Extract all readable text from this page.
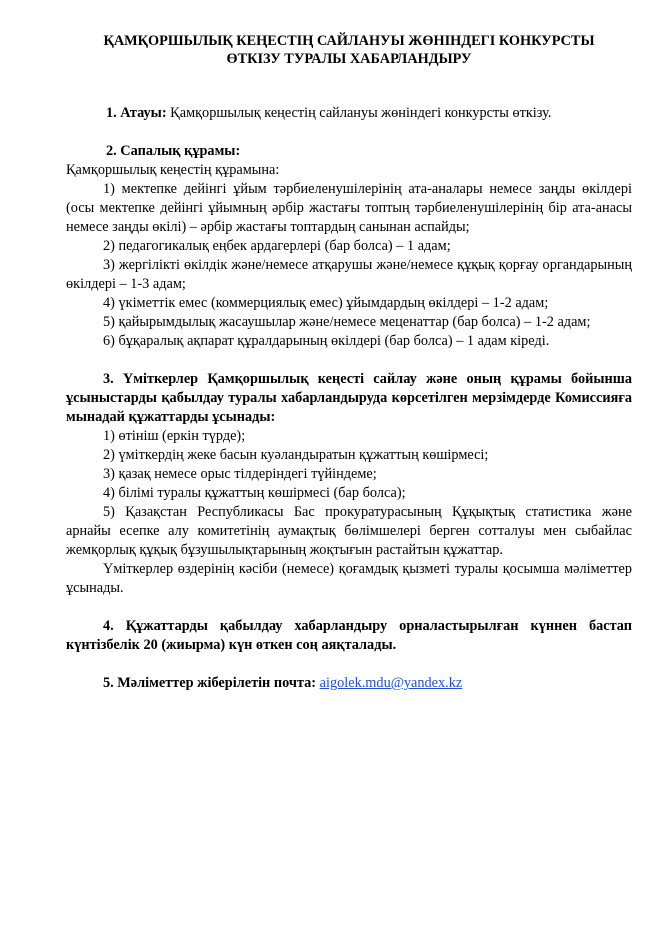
ҚАМҚОРШЫЛЫҚ КЕҢЕСТІҢ САЙЛАНУЫ ЖӨНІНДЕГІ КОНКУРСТЫ
ӨТКІЗУ ТУРАЛЫ ХАБАРЛАНДЫРУ

1. Атауы: Қамқоршылық кеңестің сайлануы жөніндегі конкурсты өткізу.

2. Сапалық құрамы:

Қамқоршылық кеңестің құрамына:

1) мектепке дейінгі ұйым тәрбиеленушілерінің ата-аналары немесе заңды өкілдері (осы мектепке дейінгі ұйымның әрбір жастағы топтың тәрбиеленушілерінің бір ата-анасы немесе заңды өкілі) – әрбір жастағы топтардың санынан аспайды;

2) педагогикалық еңбек ардагерлері (бар болса) – 1 адам;

3) жергілікті өкілдік және/немесе атқарушы және/немесе құқық қорғау органдарының өкілдері – 1-3 адам;

4) үкіметтік емес (коммерциялық емес) ұйымдардың өкілдері – 1-2 адам;

5) қайырымдылық жасаушылар және/немесе меценаттар (бар болса) – 1-2 адам;

6) бұқаралық ақпарат құралдарының өкілдері (бар болса) – 1 адам кіреді.

3. Үміткерлер Қамқоршылық кеңесті сайлау және оның құрамы бойынша ұсыныстарды қабылдау туралы хабарландыруда көрсетілген мерзімдерде Комиссияға мынадай құжаттарды ұсынады:

1) өтініш (еркін түрде);

2) үміткердің жеке басын куәландыратын құжаттың көшірмесі;

3) қазақ немесе орыс тілдеріндегі түйіндеме;

4) білімі туралы құжаттың көшірмесі (бар болса);

5) Қазақстан Республикасы Бас прокуратурасының Құқықтық статистика және арнайы есепке алу комитетінің аумақтық бөлімшелері берген сотталуы мен сыбайлас жемқорлық құқық бұзушылықтарының жоқтығын растайтын құжаттар.

Үміткерлер өздерінің кәсіби (немесе) қоғамдық қызметі туралы қосымша мәліметтер ұсынады.

4. Құжаттарды қабылдау хабарландыру орналастырылған күннен бастап күнтізбелік 20 (жиырма) күн өткен соң аяқталады.

5. Мәліметтер жіберілетін почта: aigolek.mdu@yandex.kz
